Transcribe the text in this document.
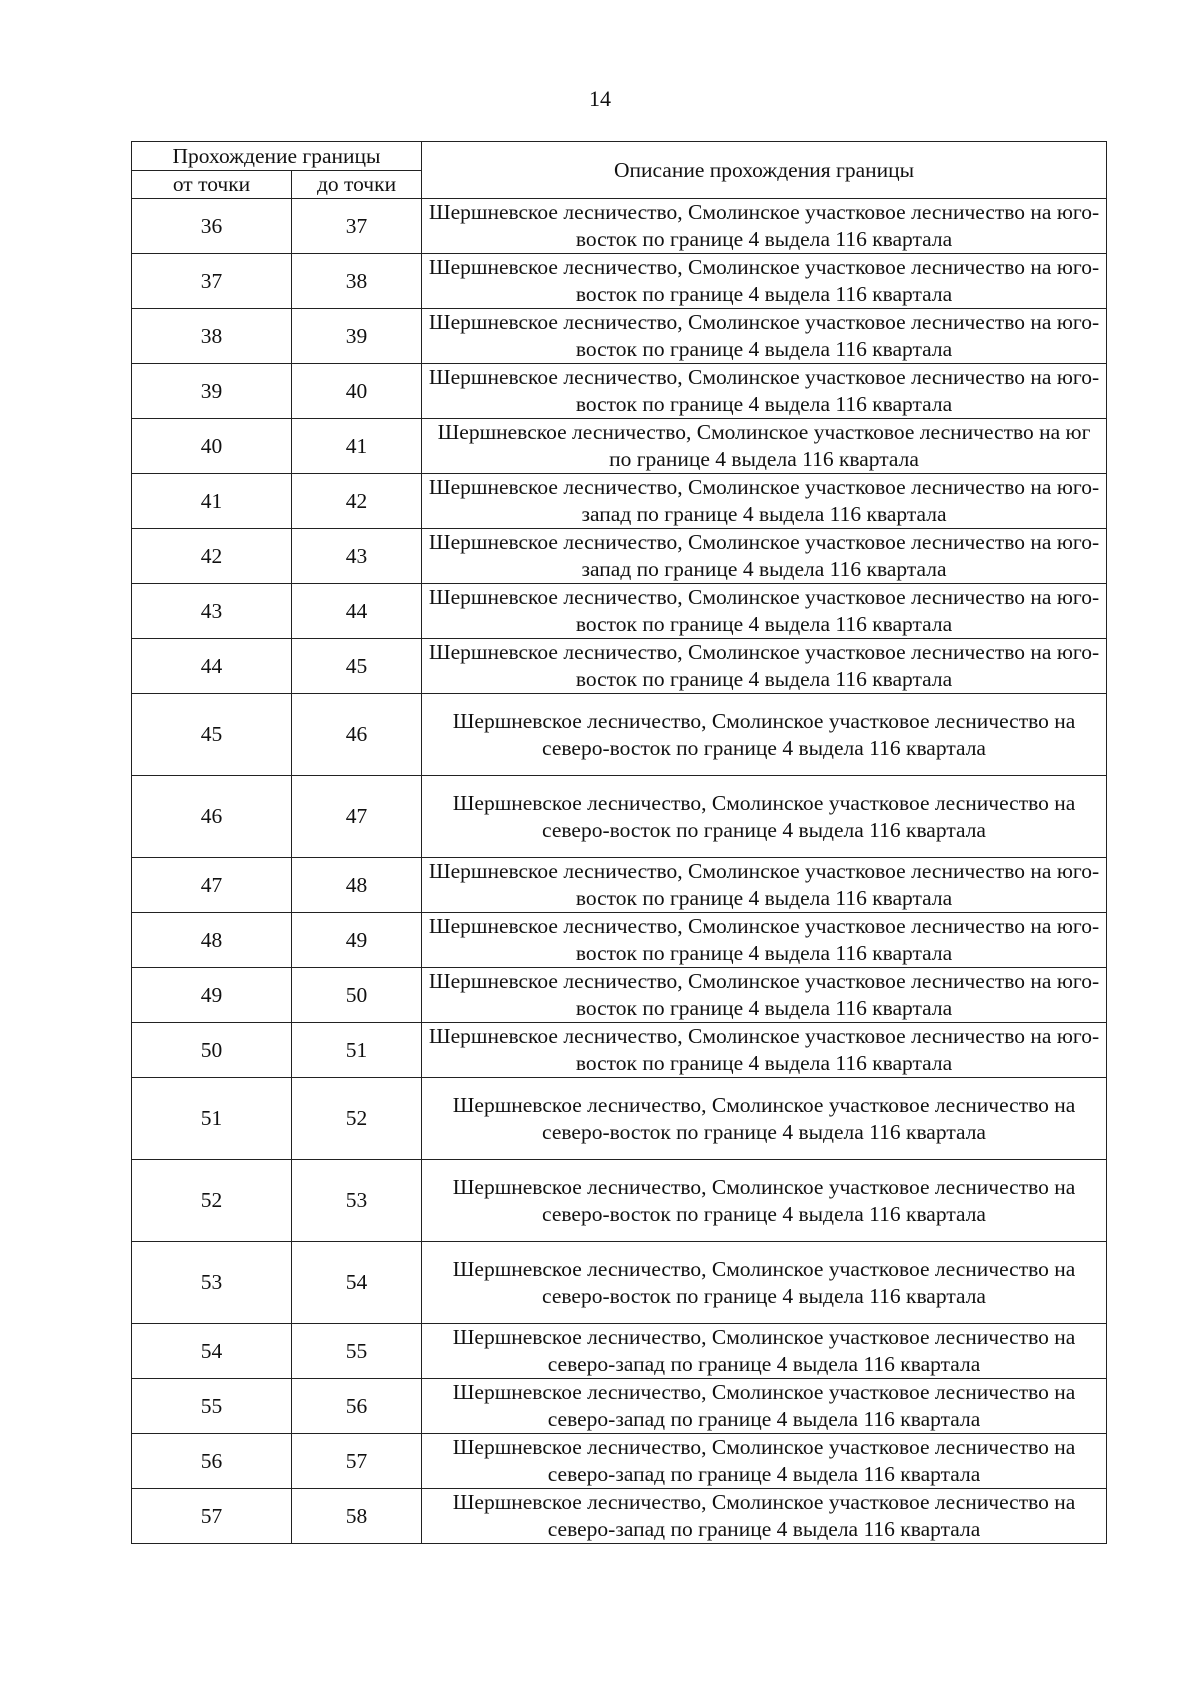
14
Прохождение границы		Описание прохождения границы
от точки	до точки	
36	37	Шершневское лесничество, Смолинское участковое лесничество на юго-восток по границе 4 выдела 116 квартала
37	38	Шершневское лесничество, Смолинское участковое лесничество на юго-восток по границе 4 выдела 116 квартала
38	39	Шершневское лесничество, Смолинское участковое лесничество на юго-восток по границе 4 выдела 116 квартала
39	40	Шершневское лесничество, Смолинское участковое лесничество на юго-восток по границе 4 выдела 116 квартала
40	41	Шершневское лесничество, Смолинское участковое лесничество на юг по границе 4 выдела 116 квартала
41	42	Шершневское лесничество, Смолинское участковое лесничество на юго-запад по границе 4 выдела 116 квартала
42	43	Шершневское лесничество, Смолинское участковое лесничество на юго-запад по границе 4 выдела 116 квартала
43	44	Шершневское лесничество, Смолинское участковое лесничество на юго-восток по границе 4 выдела 116 квартала
44	45	Шершневское лесничество, Смолинское участковое лесничество на юго-восток по границе 4 выдела 116 квартала
45	46	Шершневское лесничество, Смолинское участковое лесничество на северо-восток по границе 4 выдела 116 квартала
46	47	Шершневское лесничество, Смолинское участковое лесничество на северо-восток по границе 4 выдела 116 квартала
47	48	Шершневское лесничество, Смолинское участковое лесничество на юго-восток по границе 4 выдела 116 квартала
48	49	Шершневское лесничество, Смолинское участковое лесничество на юго-восток по границе 4 выдела 116 квартала
49	50	Шершневское лесничество, Смолинское участковое лесничество на юго-восток по границе 4 выдела 116 квартала
50	51	Шершневское лесничество, Смолинское участковое лесничество на юго-восток по границе 4 выдела 116 квартала
51	52	Шершневское лесничество, Смолинское участковое лесничество на северо-восток по границе 4 выдела 116 квартала
52	53	Шершневское лесничество, Смолинское участковое лесничество на северо-восток по границе 4 выдела 116 квартала
53	54	Шершневское лесничество, Смолинское участковое лесничество на северо-восток по границе 4 выдела 116 квартала
54	55	Шершневское лесничество, Смолинское участковое лесничество на северо-запад по границе 4 выдела 116 квартала
55	56	Шершневское лесничество, Смолинское участковое лесничество на северо-запад по границе 4 выдела 116 квартала
56	57	Шершневское лесничество, Смолинское участковое лесничество на северо-запад по границе 4 выдела 116 квартала
57	58	Шершневское лесничество, Смолинское участковое лесничество на северо-запад по границе 4 выдела 116 квартала
